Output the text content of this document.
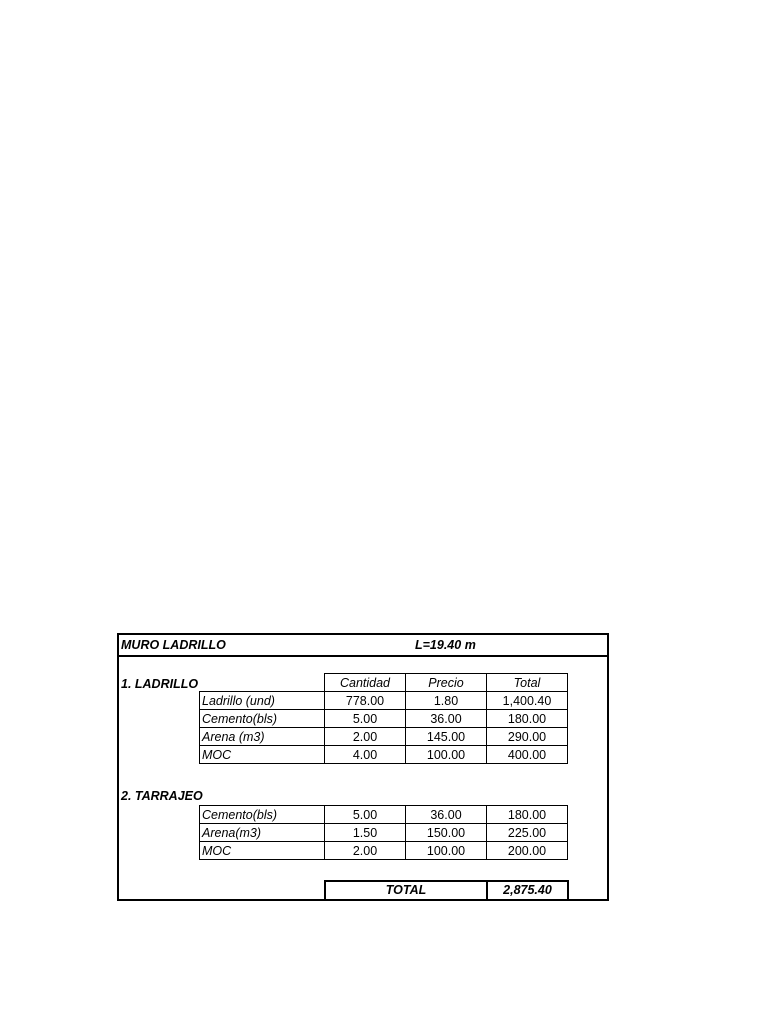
MURO LADRILLO	L=19.40 m
1. LADRILLO
		Cantidad	Precio	Total
Ladrillo (und)	778.00	1.80	1,400.40
Cemento(bls)	5.00	36.00	180.00
Arena (m3)	2.00	145.00	290.00
MOC	4.00	100.00	400.00
2. TARRAJEO
Cemento(bls)	5.00	36.00	180.00
Arena(m3)	1.50	150.00	225.00
MOC	2.00	100.00	200.00
TOTAL	2,875.40
